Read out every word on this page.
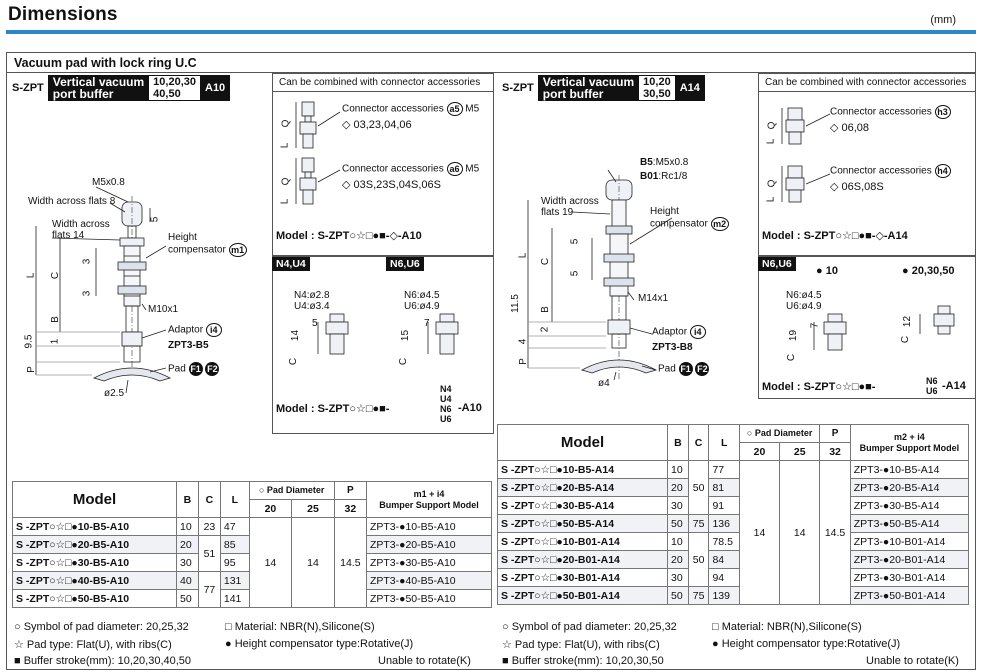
Dimensions	(mm)
Vacuum pad with lock ring U.C
S-ZPT Vertical vacuum
port buffer
10,20,30
40,50	A10
M5x0.8
Width across flats 8
Width across
flats 14	Height
compensator m1
M10x1
Adaptor i4
ZPT3-B5
Pad F1 F2
ø2.5
5
3
3
L C
B
9.5 1
P
Can be combined with connector accessories
Q
L
Q
L
Connector accessories a5 M5
◇ 03,23,04,06
Connector accessories a6 M5
◇ 03S,23S,04S,06S
Model : S-ZPT○☆□●■-◇-A10
N4,U4	N6,U6
N4:ø2.8
U4:ø3.4
N6:ø4.5
U6:ø4.9
14
5
15
7
C	C
Model : S-ZPT○☆□●■-
N4
U4
N6
U6
-A10
Model	B	C	L	○ Pad Diameter		P	m1 + i4
Bumper Support Model
				20	25	32	
S -ZPT○☆□●10-B5-A10	10	23	47	14	14	14.5	ZPT3-●10-B5-A10
S -ZPT○☆□●20-B5-A10	20	51	85				ZPT3-●20-B5-A10
S -ZPT○☆□●30-B5-A10	30		95				ZPT3-●30-B5-A10
S -ZPT○☆□●40-B5-A10	40	77	131				ZPT3-●40-B5-A10
S -ZPT○☆□●50-B5-A10	50		141				ZPT3-●50-B5-A10
○ Symbol of pad diameter: 20,25,32	□ Material: NBR(N),Silicone(S)
☆ Pad type: Flat(U), with ribs(C)	● Height compensator type:Rotative(J)
■ Buffer stroke(mm): 10,20,30,40,50	Unable to rotate(K)
S-ZPT Vertical vacuum
port buffer
10,20
30,50 A14
B5:M5x0.8
B01:Rc1/8
Width across
flats 19	Height
compensator m2
M14x1
Adaptor i4
ZPT3-B8
Pad F1 F2
ø4
5
5
L
C
B
11.5
2
4
P
Can be combined with connector accessories
Q
L
Q
L
Connector accessories h3
◇ 06,08
Connector accessories h4
◇ 06S,08S
Model : S-ZPT○☆□●■-◇-A14
N6,U6
● 10	● 20,30,50
N6:ø4.5
U6:ø4.9
19
7	12
C
C
Model : S-ZPT○☆□●■-	N6
U6 -A14
Model	B	C	L	○ Pad Diameter		P	m2 + i4
Bumper Support Model
				20	25	32	
S -ZPT○☆□●10-B5-A14	10	50	77	14	14	14.5	ZPT3-●10-B5-A14
S -ZPT○☆□●20-B5-A14	20		81				ZPT3-●20-B5-A14
S -ZPT○☆□●30-B5-A14	30		91				ZPT3-●30-B5-A14
S -ZPT○☆□●50-B5-A14	50	75	136				ZPT3-●50-B5-A14
S -ZPT○☆□●10-B01-A14	10	50	78.5				ZPT3-●10-B01-A14
S -ZPT○☆□●20-B01-A14	20		84				ZPT3-●20-B01-A14
S -ZPT○☆□●30-B01-A14	30		94				ZPT3-●30-B01-A14
S -ZPT○☆□●50-B01-A14	50	75	139				ZPT3-●50-B01-A14
○ Symbol of pad diameter: 20,25,32	□ Material: NBR(N),Silicone(S)
☆ Pad type: Flat(U), with ribs(C)	● Height compensator type:Rotative(J)
■ Buffer stroke(mm): 10,20,30,50	Unable to rotate(K)
